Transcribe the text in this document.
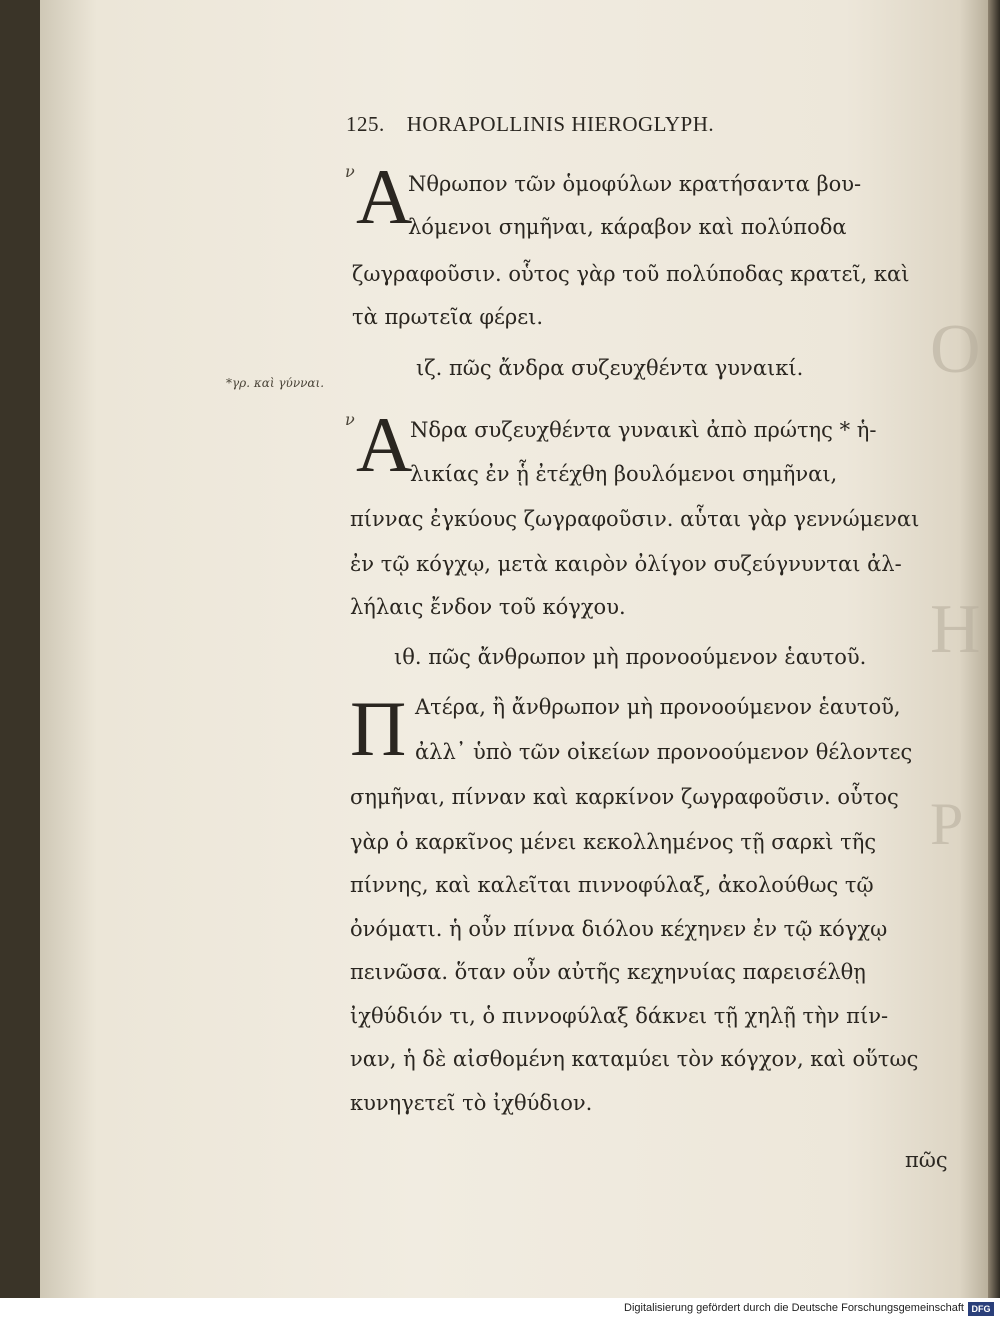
O
H
P
125. HORAPOLLINIS HIEROGLYPH.
ν A
Νθρωπον τῶν ὁμοφύλων κρατήσαντα βου-
λόμενοι σημῆναι, κάραβον καὶ πολύποδα
ζωγραφοῦσιν. οὗτος γὰρ τοῦ πολύποδας κρατεῖ, καὶ
τὰ πρωτεῖα φέρει.
*γρ. καὶ γύνναι.
ιζ. πῶς ἄνδρα συζευχθέντα γυναικί.
ν A
Νδρα συζευχθέντα γυναικὶ ἀπὸ πρώτης * ἡ-
λικίας ἐν ᾗ ἐτέχθη βουλόμενοι σημῆναι,
πίννας ἐγκύους ζωγραφοῦσιν. αὗται γὰρ γεννώμεναι
ἐν τῷ κόγχῳ, μετὰ καιρὸν ὀλίγον συζεύγνυνται ἀλ-
λήλαις ἔνδον τοῦ κόγχου.
ιθ. πῶς ἄνθρωπον μὴ προνοούμενον ἑαυτοῦ.
Π Ατέρα, ἢ ἄνθρωπον μὴ προνοούμενον ἑαυτοῦ,
ἀλλ᾽ ὑπὸ τῶν οἰκείων προνοούμενον θέλοντες
σημῆναι, πίνναν καὶ καρκίνον ζωγραφοῦσιν. οὗτος
γὰρ ὁ καρκῖνος μένει κεκολλημένος τῇ σαρκὶ τῆς
πίννης, καὶ καλεῖται πιννοφύλαξ, ἀκολούθως τῷ
ὀνόματι. ἡ οὖν πίννα διόλου κέχηνεν ἐν τῷ κόγχῳ
πεινῶσα. ὅταν οὖν αὐτῆς κεχηνυίας παρεισέλθῃ
ἰχθύδιόν τι, ὁ πιννοφύλαξ δάκνει τῇ χηλῇ τὴν πίν-
ναν, ἡ δὲ αἰσθομένη καταμύει τὸν κόγχον, καὶ οὕτως
κυνηγετεῖ τὸ ἰχθύδιον.
πῶς
Digitalisierung gefördert durch die Deutsche Forschungsgemeinschaft DFG
